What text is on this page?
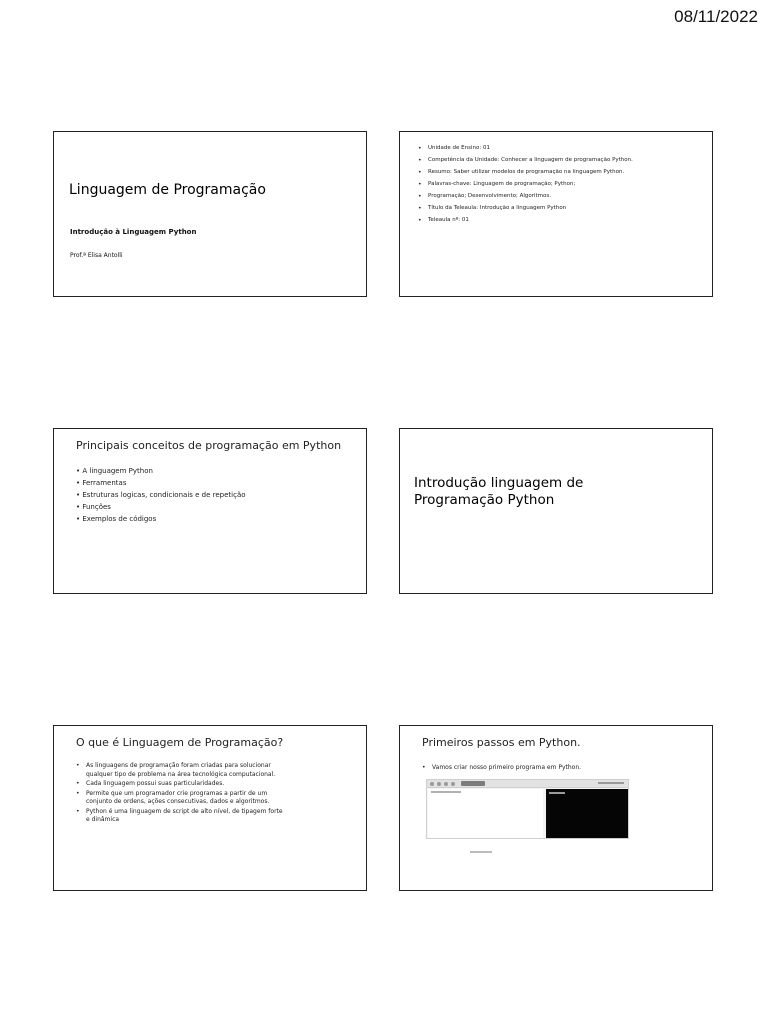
08/11/2022
Linguagem de Programação
Introdução à Linguagem Python
Prof.ª Elisa Antolli
• Unidade de Ensino: 01
• Competência da Unidade: Conhecer a linguagem de programação Python.
• Resumo: Saber utilizar modelos de programação na linguagem Python.
• Palavras-chave: Linguagem de programação; Python;
• Programação; Desenvolvimento; Algoritmos.
• Título da Teleaula: Introdução a linguagem Python
• Teleaula nº: 01
Principais conceitos de programação em Python
• A linguagem Python
• Ferramentas
• Estruturas logicas, condicionais e de repetição
• Funções
• Exemplos de códigos
Introdução linguagem de Programação Python
O que é Linguagem de Programação?
• As linguagens de programação foram criadas para solucionar qualquer tipo de problema na área tecnológica computacional.
• Cada linguagem possui suas particularidades.
• Permite que um programador crie programas a partir de um conjunto de ordens, ações consecutivas, dados e algoritmos.
• Python é uma linguagem de script de alto nível, de tipagem forte e dinâmica
Primeiros passos em Python.
• Vamos criar nosso primeiro programa em Python.
